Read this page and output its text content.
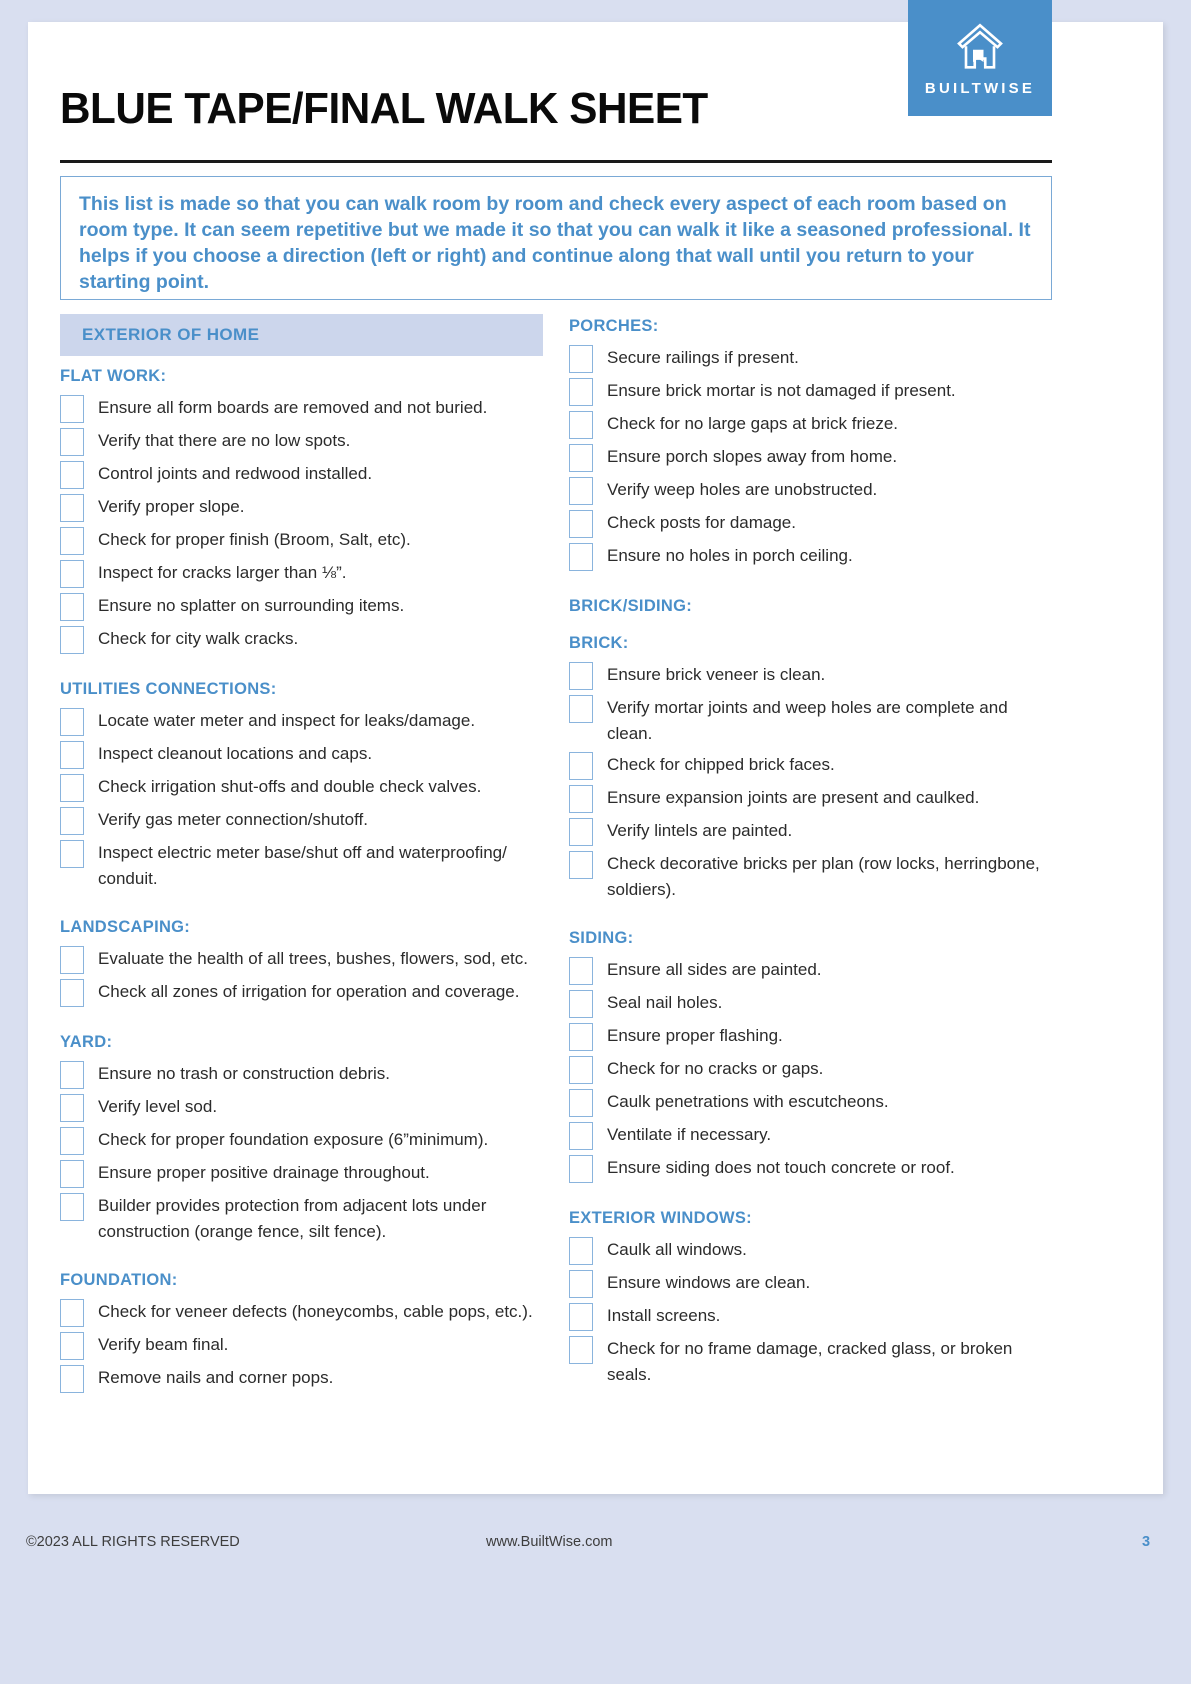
BUILTWISE
BLUE TAPE/FINAL WALK SHEET
This list is made so that you can walk room by room and check every aspect of each room based on room type. It can seem repetitive but we made it so that you can walk it like a seasoned professional. It helps if you choose a direction (left or right) and continue along that wall until you return to your starting point.
EXTERIOR OF HOME
FLAT WORK:
Ensure all form boards are removed and not buried.
Verify that there are no low spots.
Control joints and redwood installed.
Verify proper slope.
Check for proper finish (Broom, Salt, etc).
Inspect for cracks larger than ⅛”.
Ensure no splatter on surrounding items.
Check for city walk cracks.
UTILITIES CONNECTIONS:
Locate water meter and inspect for leaks/damage.
Inspect cleanout locations and caps.
Check irrigation shut-offs and double check valves.
Verify gas meter connection/shutoff.
Inspect electric meter base/shut off and waterproofing/ conduit.
LANDSCAPING:
Evaluate the health of all trees, bushes, flowers, sod, etc.
Check all zones of irrigation for operation and coverage.
YARD:
Ensure no trash or construction debris.
Verify level sod.
Check for proper foundation exposure (6”minimum).
Ensure proper positive drainage throughout.
Builder provides protection from adjacent lots under construction (orange fence, silt fence).
FOUNDATION:
Check for veneer defects (honeycombs, cable pops, etc.).
Verify beam final.
Remove nails and corner pops.
PORCHES:
Secure railings if present.
Ensure brick mortar is not damaged if present.
Check for no large gaps at brick frieze.
Ensure porch slopes away from home.
Verify weep holes are unobstructed.
Check posts for damage.
Ensure no holes in porch ceiling.
BRICK/SIDING:
BRICK:
Ensure brick veneer is clean.
Verify mortar joints and weep holes are complete and clean.
Check for chipped brick faces.
Ensure expansion joints are present and caulked.
Verify lintels are painted.
Check decorative bricks per plan (row locks, herringbone, soldiers).
SIDING:
Ensure all sides are painted.
Seal nail holes.
Ensure proper flashing.
Check for no cracks or gaps.
Caulk penetrations with escutcheons.
Ventilate if necessary.
Ensure siding does not touch concrete or roof.
EXTERIOR WINDOWS:
Caulk all windows.
Ensure windows are clean.
Install screens.
Check for no frame damage, cracked glass, or broken seals.
©2023 ALL RIGHTS RESERVED	www.BuiltWise.com	3
